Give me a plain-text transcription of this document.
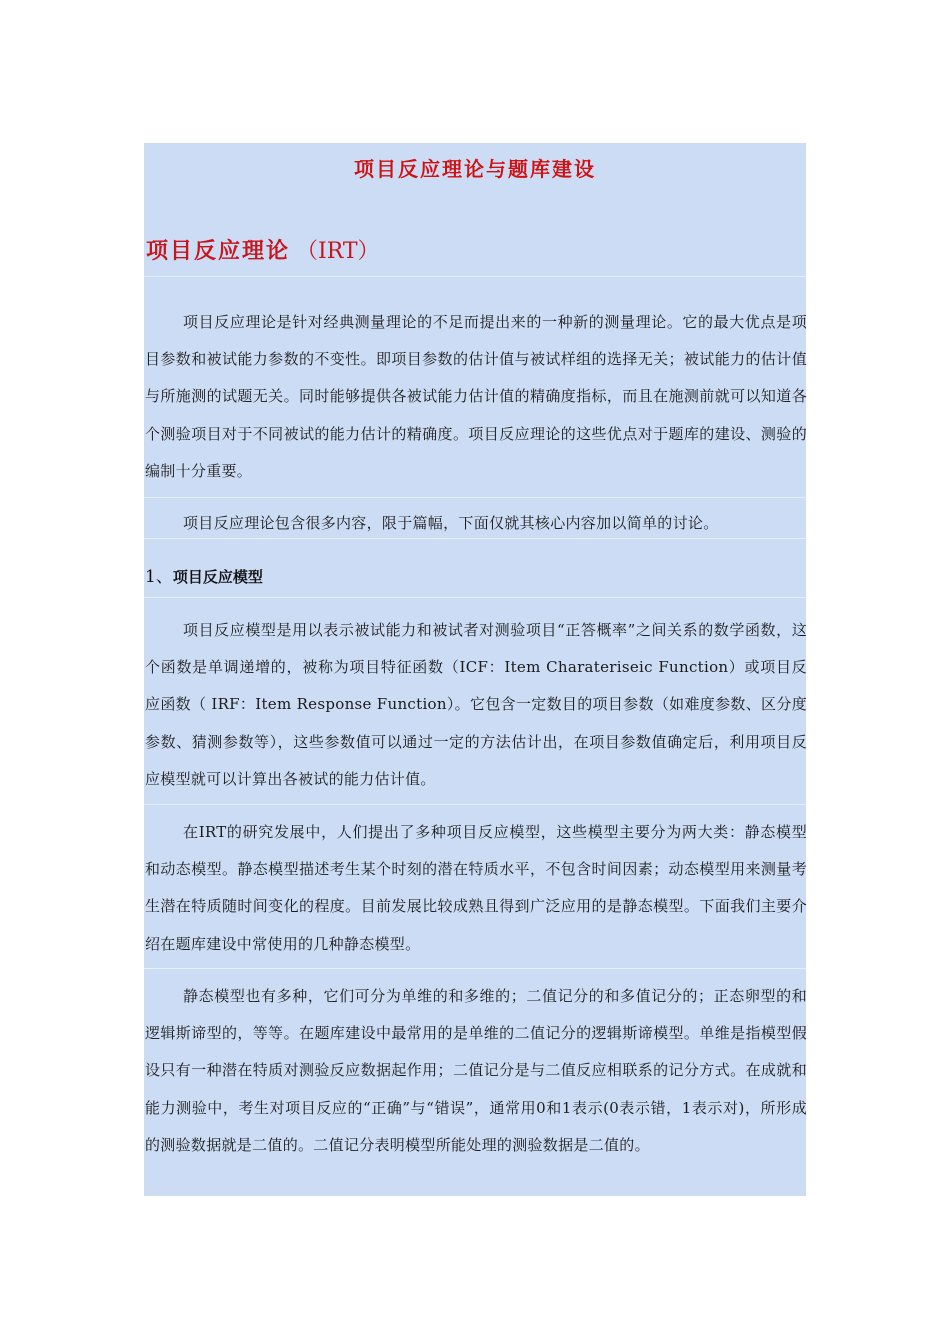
项目反应理论与题库建设
项目反应理论 （IRT）

项目反应理论是针对经典测量理论的不足而提出来的一种新的测量理论。它的最大优点是项目参数和被试能力参数的不变性。即项目参数的估计值与被试样组的选择无关；被试能力的估计值与所施测的试题无关。同时能够提供各被试能力估计值的精确度指标，而且在施测前就可以知道各个测验项目对于不同被试的能力估计的精确度。项目反应理论的这些优点对于题库的建设、测验的编制十分重要。

项目反应理论包含很多内容，限于篇幅，下面仅就其核心内容加以简单的讨论。

1、项目反应模型

项目反应模型是用以表示被试能力和被试者对测验项目“正答概率”之间关系的数学函数，这个函数是单调递增的，被称为项目特征函数（ICF：Item Charateriseic Function）或项目反应函数（ IRF：Item Response Function）。它包含一定数目的项目参数（如难度参数、区分度参数、猜测参数等），这些参数值可以通过一定的方法估计出，在项目参数值确定后，利用项目反应模型就可以计算出各被试的能力估计值。

在IRT的研究发展中，人们提出了多种项目反应模型，这些模型主要分为两大类：静态模型和动态模型。静态模型描述考生某个时刻的潜在特质水平，不包含时间因素；动态模型用来测量考生潜在特质随时间变化的程度。目前发展比较成熟且得到广泛应用的是静态模型。下面我们主要介绍在题库建设中常使用的几种静态模型。

静态模型也有多种，它们可分为单维的和多维的；二值记分的和多值记分的；正态卵型的和逻辑斯谛型的，等等。在题库建设中最常用的是单维的二值记分的逻辑斯谛模型。单维是指模型假设只有一种潜在特质对测验反应数据起作用；二值记分是与二值反应相联系的记分方式。在成就和能力测验中，考生对项目反应的“正确”与“错误”，通常用0和1表示(0表示错，1表示对)，所形成的测验数据就是二值的。二值记分表明模型所能处理的测验数据是二值的。
